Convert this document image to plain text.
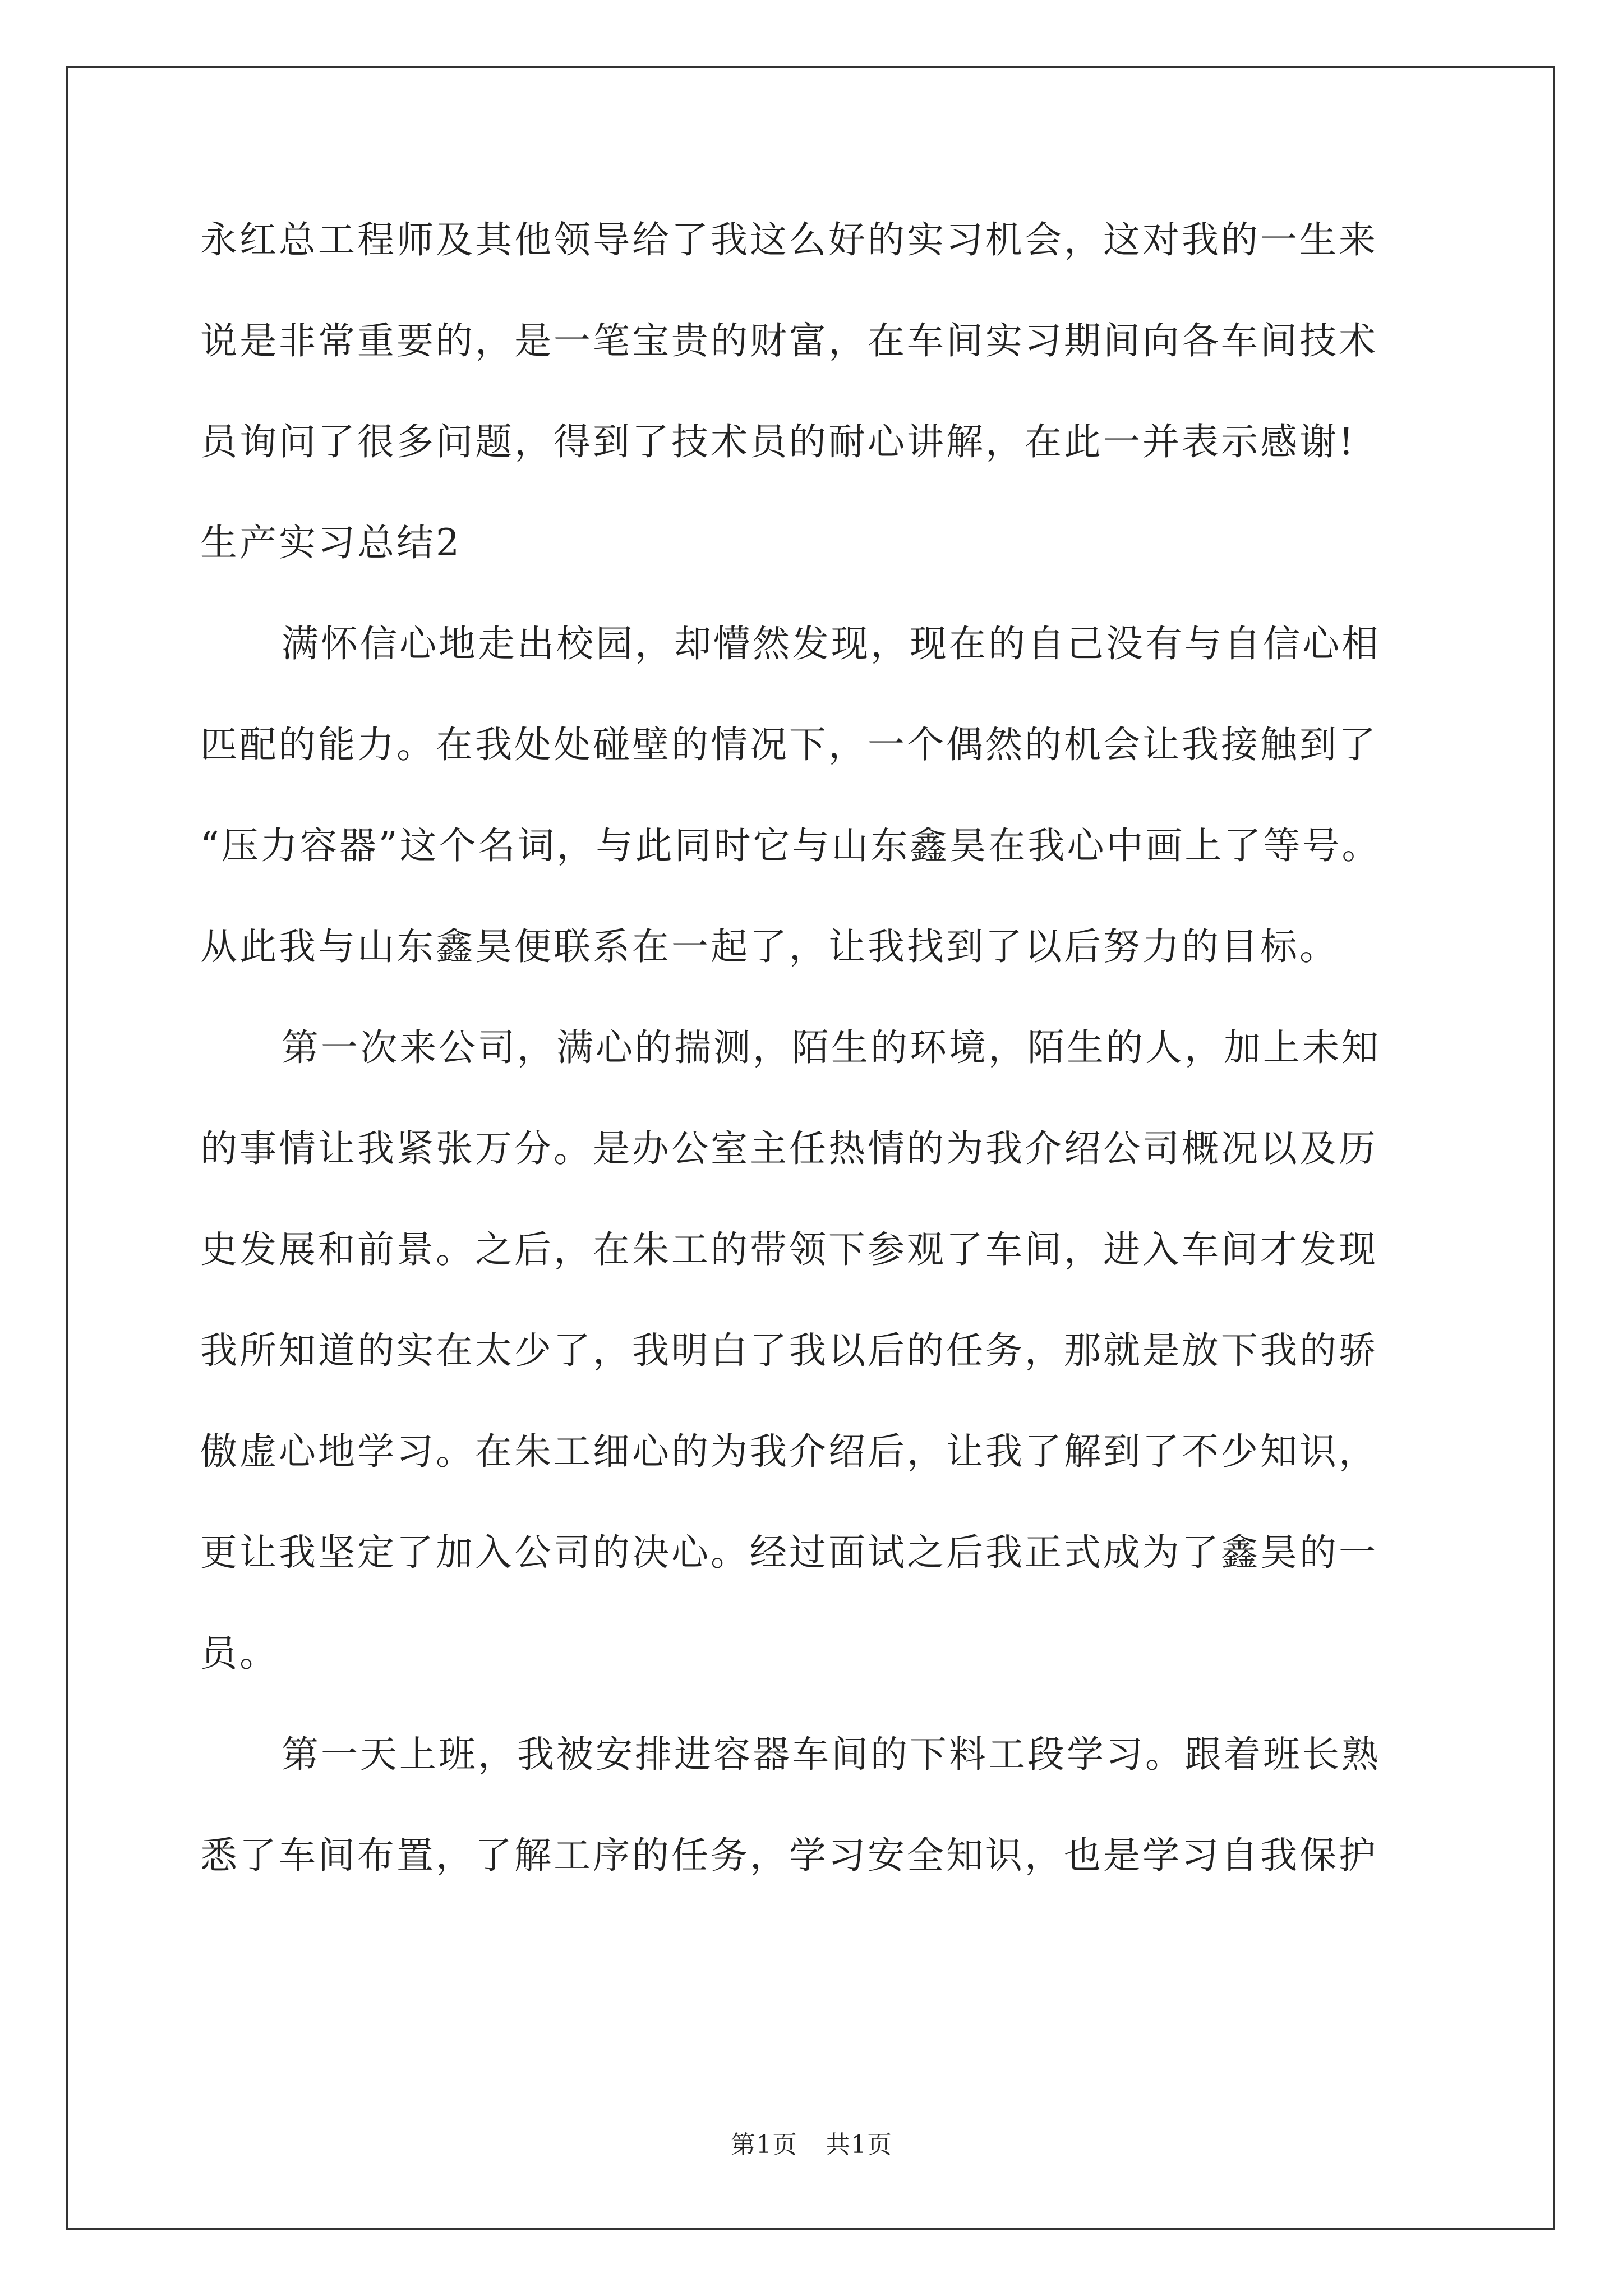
永红总工程师及其他领导给了我这么好的实习机会，这对我的一生来

说是非常重要的，是一笔宝贵的财富，在车间实习期间向各车间技术

员询问了很多问题，得到了技术员的耐心讲解，在此一并表示感谢!

生产实习总结2

满怀信心地走出校园，却懵然发现，现在的自己没有与自信心相

匹配的能力。在我处处碰壁的情况下，一个偶然的机会让我接触到了

“压力容器”这个名词，与此同时它与山东鑫昊在我心中画上了等号。

从此我与山东鑫昊便联系在一起了，让我找到了以后努力的目标。

第一次来公司，满心的揣测，陌生的环境，陌生的人，加上未知

的事情让我紧张万分。是办公室主任热情的为我介绍公司概况以及历

史发展和前景。之后，在朱工的带领下参观了车间，进入车间才发现

我所知道的实在太少了，我明白了我以后的任务，那就是放下我的骄

傲虚心地学习。在朱工细心的为我介绍后，让我了解到了不少知识，

更让我坚定了加入公司的决心。经过面试之后我正式成为了鑫昊的一

员。

第一天上班，我被安排进容器车间的下料工段学习。跟着班长熟

悉了车间布置，了解工序的任务，学习安全知识，也是学习自我保护

第1页 共1页
